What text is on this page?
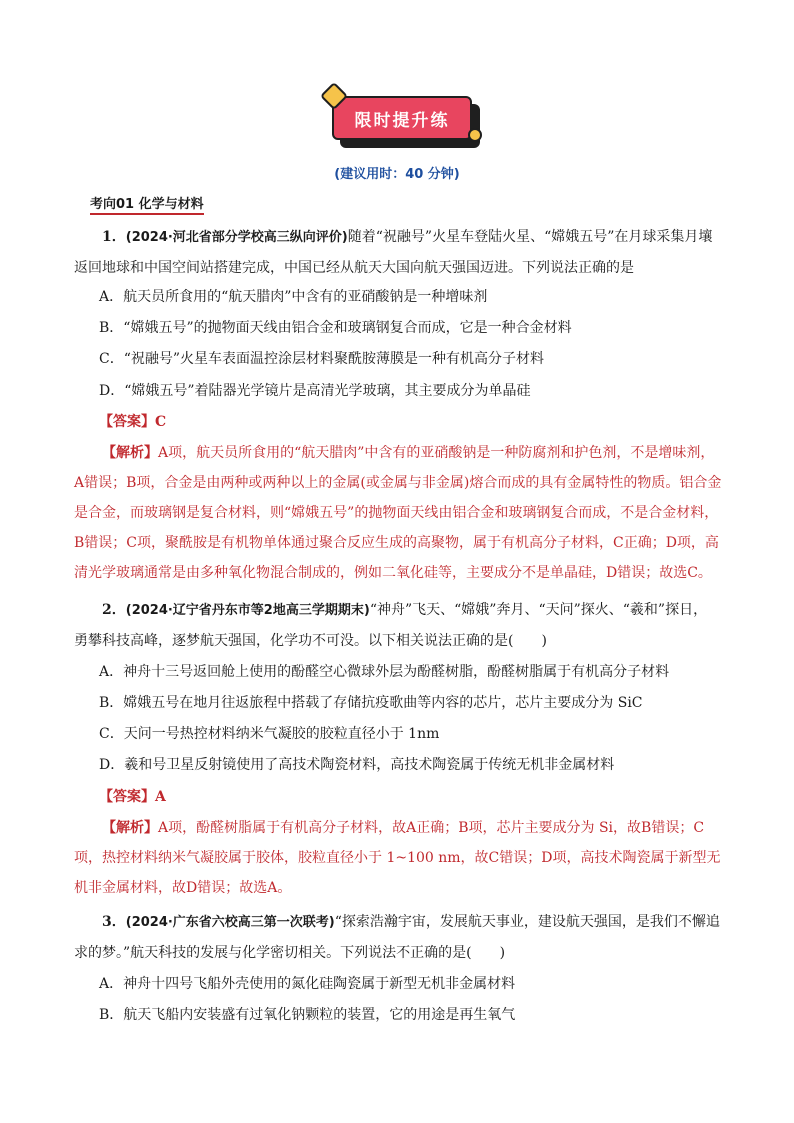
限时提升练
(建议用时：40 分钟)
考向01 化学与材料
1．(2024·河北省部分学校高三纵向评价)随着“祝融号”火星车登陆火星、“嫦娥五号”在月球采集月壤返回地球和中国空间站搭建完成，中国已经从航天大国向航天强国迈进。下列说法正确的是
A．航天员所食用的“航天腊肉”中含有的亚硝酸钠是一种增味剂
B．“嫦娥五号”的抛物面天线由铝合金和玻璃钢复合而成，它是一种合金材料
C．“祝融号”火星车表面温控涂层材料聚酰胺薄膜是一种有机高分子材料
D．“嫦娥五号”着陆器光学镜片是高清光学玻璃，其主要成分为单晶硅
【答案】C
【解析】A项，航天员所食用的“航天腊肉”中含有的亚硝酸钠是一种防腐剂和护色剂，不是增味剂，A错误；B项，合金是由两种或两种以上的金属(或金属与非金属)熔合而成的具有金属特性的物质。铝合金是合金，而玻璃钢是复合材料，则“嫦娥五号”的抛物面天线由铝合金和玻璃钢复合而成，不是合金材料，B错误；C项，聚酰胺是有机物单体通过聚合反应生成的高聚物，属于有机高分子材料，C正确；D项，高清光学玻璃通常是由多种氧化物混合制成的，例如二氧化硅等，主要成分不是单晶硅，D错误；故选C。
2．(2024·辽宁省丹东市等2地高三学期期末)“神舟”飞天、“嫦娥”奔月、“天问”探火、“羲和”探日，勇攀科技高峰，逐梦航天强国，化学功不可没。以下相关说法正确的是(　　)
A．神舟十三号返回舱上使用的酚醛空心微球外层为酚醛树脂，酚醛树脂属于有机高分子材料
B．嫦娥五号在地月往返旅程中搭载了存储抗疫歌曲等内容的芯片，芯片主要成分为 SiC
C．天问一号热控材料纳米气凝胶的胶粒直径小于 1nm
D．羲和号卫星反射镜使用了高技术陶瓷材料，高技术陶瓷属于传统无机非金属材料
【答案】A
【解析】A项，酚醛树脂属于有机高分子材料，故A正确；B项，芯片主要成分为 Si，故B错误；C项，热控材料纳米气凝胶属于胶体，胶粒直径小于 1~100 nm，故C错误；D项，高技术陶瓷属于新型无机非金属材料，故D错误；故选A。
3．(2024·广东省六校高三第一次联考)“探索浩瀚宇宙，发展航天事业，建设航天强国，是我们不懈追求的梦。”航天科技的发展与化学密切相关。下列说法不正确的是(　　)
A．神舟十四号飞船外壳使用的氮化硅陶瓷属于新型无机非金属材料
B．航天飞船内安装盛有过氧化钠颗粒的装置，它的用途是再生氧气
